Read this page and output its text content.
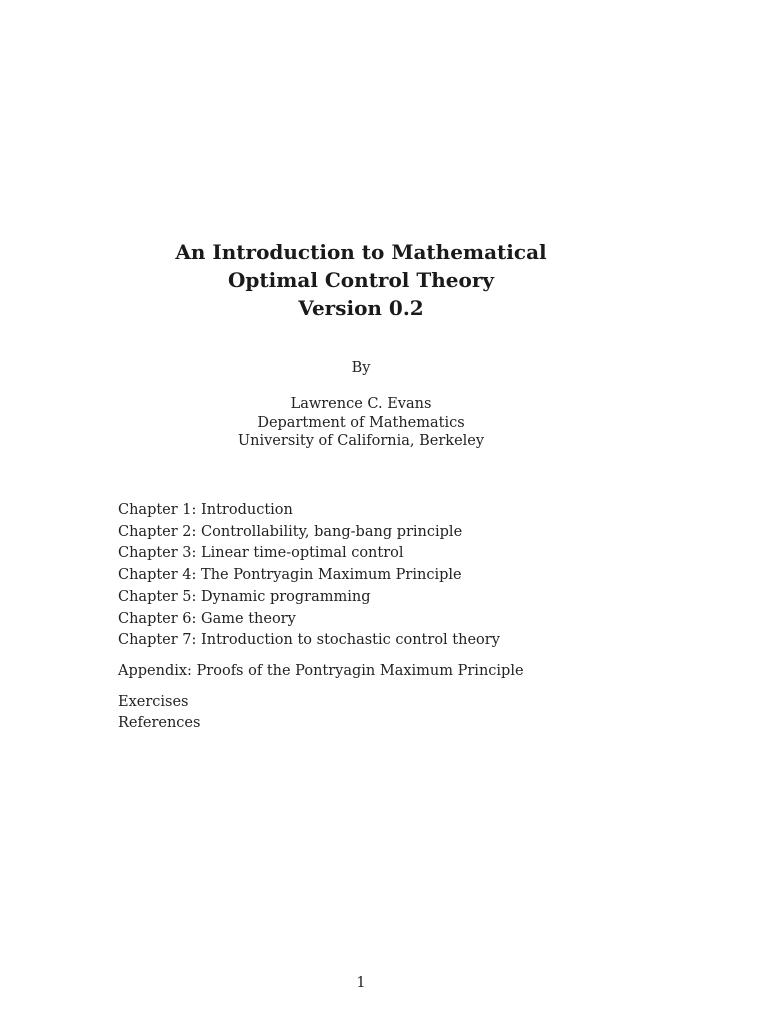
An Introduction to Mathematical
Optimal Control Theory
Version 0.2
By
Lawrence C. Evans
Department of Mathematics
University of California, Berkeley
Chapter 1: Introduction
Chapter 2: Controllability, bang-bang principle
Chapter 3: Linear time-optimal control
Chapter 4: The Pontryagin Maximum Principle
Chapter 5: Dynamic programming
Chapter 6: Game theory
Chapter 7: Introduction to stochastic control theory
Appendix: Proofs of the Pontryagin Maximum Principle
Exercises
References
1
